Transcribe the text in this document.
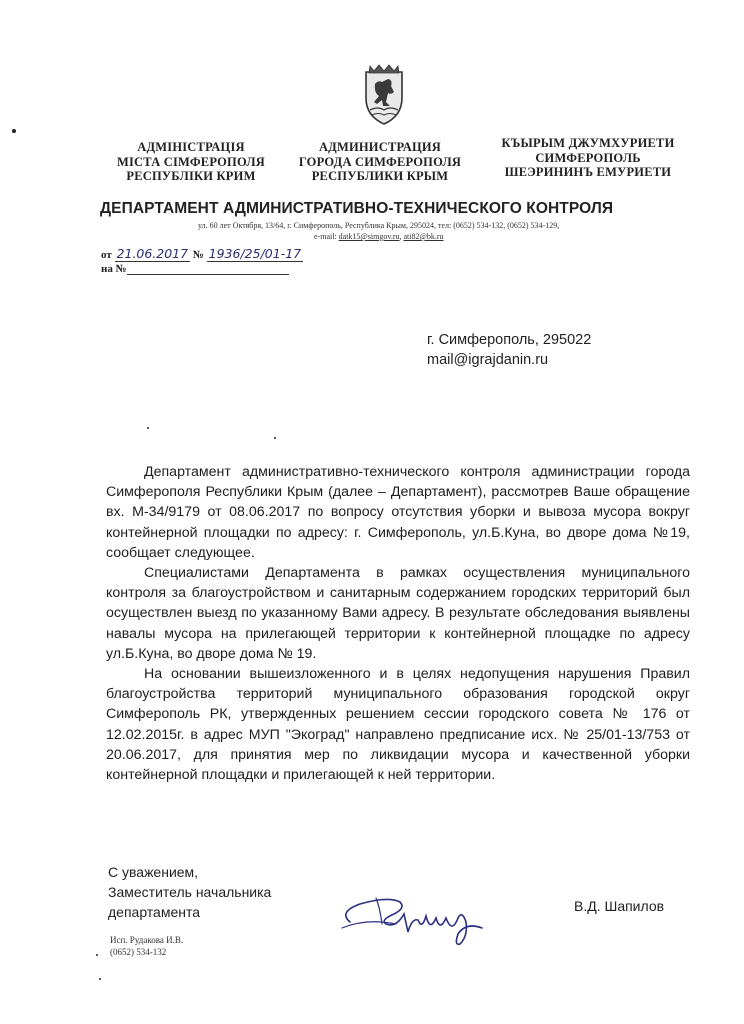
АДМІНІСТРАЦІЯ
МІСТА СІМФЕРОПОЛЯ
РЕСПУБЛІКИ КРИМ
АДМИНИСТРАЦИЯ
ГОРОДА СИМФЕРОПОЛЯ
РЕСПУБЛИКИ КРЫМ
КЪЫРЫМ ДЖУМХУРИЕТИ
СИМФЕРОПОЛЬ
ШЕЭРИНИНЪ ЕМУРИЕТИ
ДЕПАРТАМЕНТ АДМИНИСТРАТИВНО-ТЕХНИЧЕСКОГО КОНТРОЛЯ
ул. 60 лет Октября, 13/64, г. Симферополь, Республика Крым, 295024, тел: (0652) 534-132, (0652) 534-129,
e-mail: datk15@simgov.ru, ati82@bk.ru
от 21.06.2017 № 1936/25/01-17
на №
г. Симферополь, 295022
mail@igrajdanin.ru

Департамент административно-технического контроля администрации города Симферополя Республики Крым (далее – Департамент), рассмотрев Ваше обращение вх. М-34/9179 от 08.06.2017 по вопросу отсутствия уборки и вывоза мусора вокруг контейнерной площадки по адресу: г. Симферополь, ул.Б.Куна, во дворе дома №19, сообщает следующее.

Специалистами Департамента в рамках осуществления муниципального контроля за благоустройством и санитарным содержанием городских территорий был осуществлен выезд по указанному Вами адресу. В результате обследования выявлены навалы мусора на прилегающей территории к контейнерной площадке по адресу ул.Б.Куна, во дворе дома № 19.

На основании вышеизложенного и в целях недопущения нарушения Правил благоустройства территорий муниципального образования городской округ Симферополь РК, утвержденных решением сессии городского совета № 176 от 12.02.2015г. в адрес МУП "Экоград" направлено предписание исх. № 25/01-13/753 от 20.06.2017, для принятия мер по ликвидации мусора и качественной уборки контейнерной площадки и прилегающей к ней территории.

С уважением,
Заместитель начальника
департамента	В.Д. Шапилов
Исп. Рудакова И.В.
(0652) 534-132
